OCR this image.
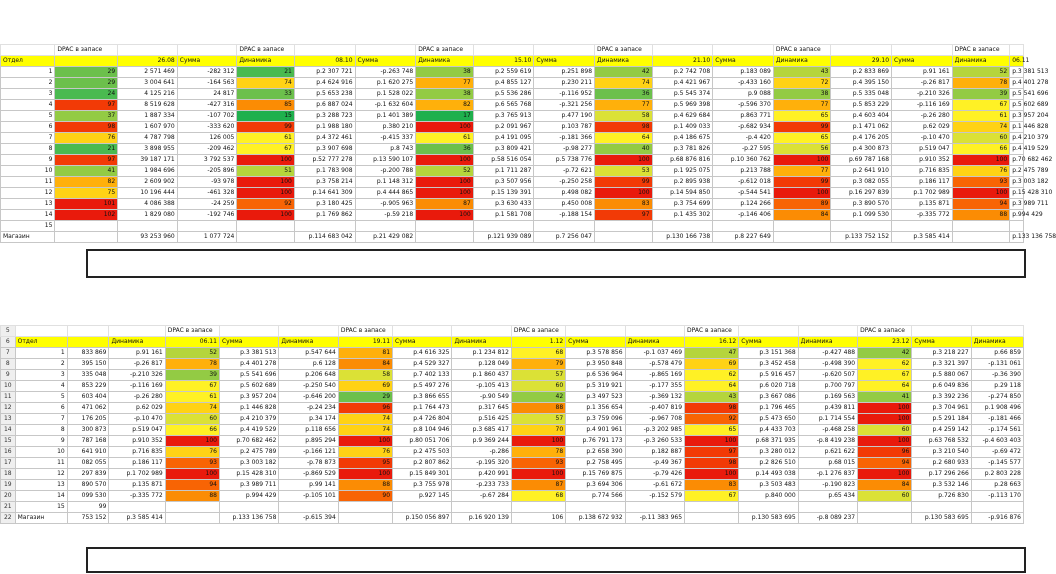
	DPAC в запасе			DPAC в запасе			DPAC в запасе			DPAC в запасе			DPAC в запасе			DPAC в запасе	
Отдел		26.08	Сумма	Динамика	08.10	Сумма	Динамика	15.10	Сумма	Динамика	21.10	Сумма	Динамика	29.10	Сумма	Динамика	06.11
1	29	2 571 469	-282 312	21	р.2 307 721	-р.263 748	38	р.2 559 619	р.251 898	42	р.2 742 708	р.183 089	43	р.2 833 869	р.91 161	52	р.3 381 513
2	29	3 004 641	-164 563	74	р.4 624 916	р.1 620 275	77	р.4 855 127	р.230 211	74	р.4 421 967	-р.433 160	72	р.4 395 150	-р.26 817	78	р.4 401 278
3	24	4 125 216	24 817	33	р.5 653 238	р.1 528 022	38	р.5 536 286	-р.116 952	36	р.5 545 374	р.9 088	38	р.5 335 048	-р.210 326	39	р.5 541 696
4	97	8 519 628	-427 316	85	р.6 887 024	-р.1 632 604	82	р.6 565 768	-р.321 256	77	р.5 969 398	-р.596 370	77	р.5 853 229	-р.116 169	67	р.5 602 689
5	37	1 887 334	-107 702	15	р.3 288 723	р.1 401 389	17	р.3 765 913	р.477 190	58	р.4 629 684	р.863 771	65	р.4 603 404	-р.26 280	61	р.3 957 204
6	98	1 607 970	-333 620	99	р.1 988 180	р.380 210	100	р.2 091 967	р.103 787	98	р.1 409 033	-р.682 934	99	р.1 471 062	р.62 029	74	р.1 446 828
7	76	4 787 798	126 005	61	р.4 372 461	-р.415 337	61	р.4 191 095	-р.181 366	64	р.4 186 675	-р.4 420	65	р.4 176 205	-р.10 470	60	р.4 210 379
8	21	3 898 955	-209 462	67	р.3 907 698	р.8 743	36	р.3 809 421	-р.98 277	40	р.3 781 826	-р.27 595	56	р.4 300 873	р.519 047	66	р.4 419 529
9	97	39 187 171	3 792 537	100	р.52 777 278	р.13 590 107	100	р.58 516 054	р.5 738 776	100	р.68 876 816	р.10 360 762	100	р.69 787 168	р.910 352	100	р.70 682 462
10	41	1 984 696	-205 896	51	р.1 783 908	-р.200 788	52	р.1 711 287	-р.72 621	53	р.1 925 075	р.213 788	77	р.2 641 910	р.716 835	76	р.2 475 789
11	82	2 609 902	-93 978	100	р.3 758 214	р.1 148 312	100	р.3 507 956	-р.250 258	99	р.2 895 938	-р.612 018	99	р.3 082 055	р.186 117	93	р.3 003 182
12	75	10 196 444	-461 328	100	р.14 641 309	р.4 444 865	100	р.15 139 391	р.498 082	100	р.14 594 850	-р.544 541	100	р.16 297 839	р.1 702 989	100	р.15 428 310
13	101	4 086 388	-24 259	92	р.3 180 425	-р.905 963	87	р.3 630 433	р.450 008	83	р.3 754 699	р.124 266	89	р.3 890 570	р.135 871	94	р.3 989 711
14	102	1 829 080	-192 746	100	р.1 769 862	-р.59 218	100	р.1 581 708	-р.188 154	97	р.1 435 302	-р.146 406	84	р.1 099 530	-р.335 772	88	р.994 429
15																	
Магазин		93 253 960	1 077 724		р.114 683 042	р.21 429 082		р.121 939 089	р.7 256 047		р.130 166 738	р.8 227 649		р.133 752 152	р.3 585 414		р.133 136 758
5				DPAC в запасе			DPAC в запасе			DPAC в запасе			DPAC в запасе			DPAC в запасе		
6	Отдел		Динамика	06.11	Сумма	Динамика	19.11	Сумма	Динамика	1.12	Сумма	Динамика	16.12	Сумма	Динамика	23.12	Сумма	Динамика
7	1	833 869	р.91 161	52	р.3 381 513	р.547 644	81	р.4 616 325	р.1 234 812	68	р.3 578 856	-р.1 037 469	47	р.3 151 368	-р.427 488	42	р.3 218 227	р.66 859
8	2	395 150	-р.26 817	78	р.4 401 278	р.6 128	84	р.4 529 327	р.128 049	79	р.3 950 848	-р.578 479	69	р.3 452 458	-р.498 390	62	р.3 321 397	-р.131 061
9	3	335 048	-р.210 326	39	р.5 541 696	р.206 648	58	р.7 402 133	р.1 860 437	57	р.6 536 964	-р.865 169	62	р.5 916 457	-р.620 507	67	р.5 880 067	-р.36 390
10	4	853 229	-р.116 169	67	р.5 602 689	-р.250 540	69	р.5 497 276	-р.105 413	60	р.5 319 921	-р.177 355	64	р.6 020 718	р.700 797	64	р.6 049 836	р.29 118
11	5	603 404	-р.26 280	61	р.3 957 204	-р.646 200	29	р.3 866 655	-р.90 549	42	р.3 497 523	-р.369 132	43	р.3 667 086	р.169 563	41	р.3 392 236	-р.274 850
12	6	471 062	р.62 029	74	р.1 446 828	-р.24 234	96	р.1 764 473	р.317 645	88	р.1 356 654	-р.407 819	98	р.1 796 465	р.439 811	100	р.3 704 961	р.1 908 496
13	7	176 205	-р.10 470	60	р.4 210 379	р.34 174	74	р.4 726 804	р.516 425	57	р.3 759 096	-р.967 708	92	р.5 473 650	р.1 714 554	100	р.5 291 184	-р.181 466
14	8	300 873	р.519 047	66	р.4 419 529	р.118 656	74	р.8 104 946	р.3 685 417	70	р.4 901 961	-р.3 202 985	65	р.4 433 703	-р.468 258	60	р.4 259 142	-р.174 561
15	9	787 168	р.910 352	100	р.70 682 462	р.895 294	100	р.80 051 706	р.9 369 244	100	р.76 791 173	-р.3 260 533	100	р.68 371 935	-р.8 419 238	100	р.63 768 532	-р.4 603 403
16	10	641 910	р.716 835	76	р.2 475 789	-р.166 121	76	р.2 475 503	-р.286	78	р.2 658 390	р.182 887	97	р.3 280 012	р.621 622	96	р.3 210 540	-р.69 472
17	11	082 055	р.186 117	93	р.3 003 182	-р.78 873	95	р.2 807 862	-р.195 320	93	р.2 758 495	-р.49 367	98	р.2 826 510	р.68 015	94	р.2 680 933	-р.145 577
18	12	297 839	р.1 702 989	100	р.15 428 310	-р.869 529	100	р.15 849 301	р.420 991	100	р.15 769 875	-р.79 426	100	р.14 493 038	-р.1 276 837	100	р.17 296 266	р.2 803 228
19	13	890 570	р.135 871	94	р.3 989 711	р.99 141	88	р.3 755 978	-р.233 733	87	р.3 694 306	-р.61 672	83	р.3 503 483	-р.190 823	84	р.3 532 146	р.28 663
20	14	099 530	-р.335 772	88	р.994 429	-р.105 101	90	р.927 145	-р.67 284	68	р.774 566	-р.152 579	67	р.840 000	р.65 434	60	р.726 830	-р.113 170
21	15	99																
22	Магазин	753 152	р.3 585 414		р.133 136 758	-р.615 394		р.150 056 897	р.16 920 139	106	р.138 672 932	-р.11 383 965		р.130 583 695	-р.8 089 237		р.130 583 695	-р.916 876
